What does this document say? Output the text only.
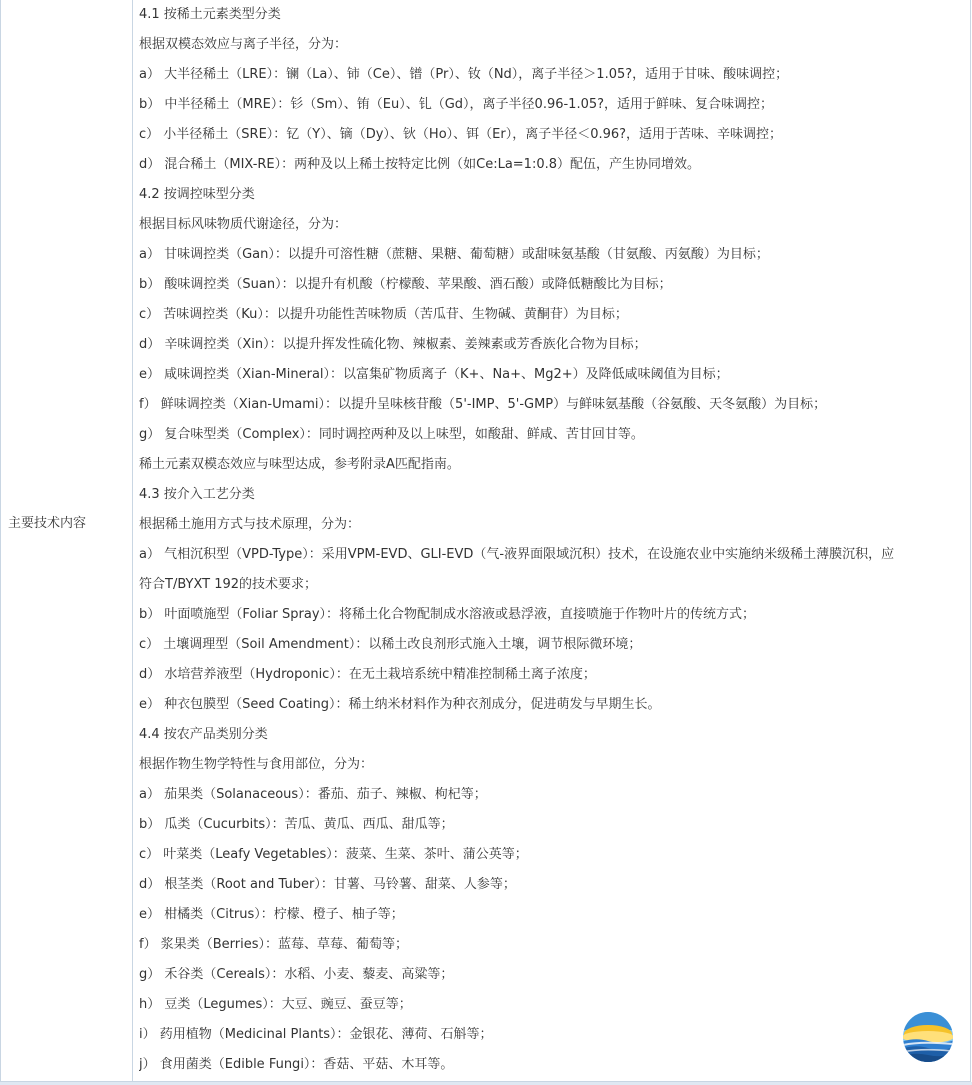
主要技术内容
4.1 按稀土元素类型分类
根据双模态效应与离子半径，分为：
a） 大半径稀土（LRE）：镧（La）、铈（Ce）、镨（Pr）、钕（Nd），离子半径＞1.05?，适用于甘味、酸味调控；
b） 中半径稀土（MRE）：钐（Sm）、铕（Eu）、钆（Gd），离子半径0.96-1.05?，适用于鲜味、复合味调控；
c） 小半径稀土（SRE）：钇（Y）、镝（Dy）、钬（Ho）、铒（Er），离子半径＜0.96?，适用于苦味、辛味调控；
d） 混合稀土（MIX-RE）：两种及以上稀土按特定比例（如Ce:La=1:0.8）配伍，产生协同增效。
4.2 按调控味型分类
根据目标风味物质代谢途径，分为：
a） 甘味调控类（Gan）：以提升可溶性糖（蔗糖、果糖、葡萄糖）或甜味氨基酸（甘氨酸、丙氨酸）为目标；
b） 酸味调控类（Suan）：以提升有机酸（柠檬酸、苹果酸、酒石酸）或降低糖酸比为目标；
c） 苦味调控类（Ku）：以提升功能性苦味物质（苦瓜苷、生物碱、黄酮苷）为目标；
d） 辛味调控类（Xin）：以提升挥发性硫化物、辣椒素、姜辣素或芳香族化合物为目标；
e） 咸味调控类（Xian-Mineral）：以富集矿物质离子（K+、Na+、Mg2+）及降低咸味阈值为目标；
f） 鲜味调控类（Xian-Umami）：以提升呈味核苷酸（5'-IMP、5'-GMP）与鲜味氨基酸（谷氨酸、天冬氨酸）为目标；
g） 复合味型类（Complex）：同时调控两种及以上味型，如酸甜、鲜咸、苦甘回甘等。
稀土元素双模态效应与味型达成，参考附录A匹配指南。
4.3 按介入工艺分类
根据稀土施用方式与技术原理，分为：
a） 气相沉积型（VPD-Type）：采用VPM-EVD、GLI-EVD（气-液界面限域沉积）技术，在设施农业中实施纳米级稀土薄膜沉积，应
符合T/BYXT 192的技术要求；
b） 叶面喷施型（Foliar Spray）：将稀土化合物配制成水溶液或悬浮液，直接喷施于作物叶片的传统方式；
c） 土壤调理型（Soil Amendment）：以稀土改良剂形式施入土壤，调节根际微环境；
d） 水培营养液型（Hydroponic）：在无土栽培系统中精准控制稀土离子浓度；
e） 种衣包膜型（Seed Coating）：稀土纳米材料作为种衣剂成分，促进萌发与早期生长。
4.4 按农产品类别分类
根据作物生物学特性与食用部位，分为：
a） 茄果类（Solanaceous）：番茄、茄子、辣椒、枸杞等；
b） 瓜类（Cucurbits）：苦瓜、黄瓜、西瓜、甜瓜等；
c） 叶菜类（Leafy Vegetables）：菠菜、生菜、茶叶、蒲公英等；
d） 根茎类（Root and Tuber）：甘薯、马铃薯、甜菜、人参等；
e） 柑橘类（Citrus）：柠檬、橙子、柚子等；
f） 浆果类（Berries）：蓝莓、草莓、葡萄等；
g） 禾谷类（Cereals）：水稻、小麦、藜麦、高粱等；
h） 豆类（Legumes）：大豆、豌豆、蚕豆等；
i） 药用植物（Medicinal Plants）：金银花、薄荷、石斛等；
j） 食用菌类（Edible Fungi）：香菇、平菇、木耳等。
